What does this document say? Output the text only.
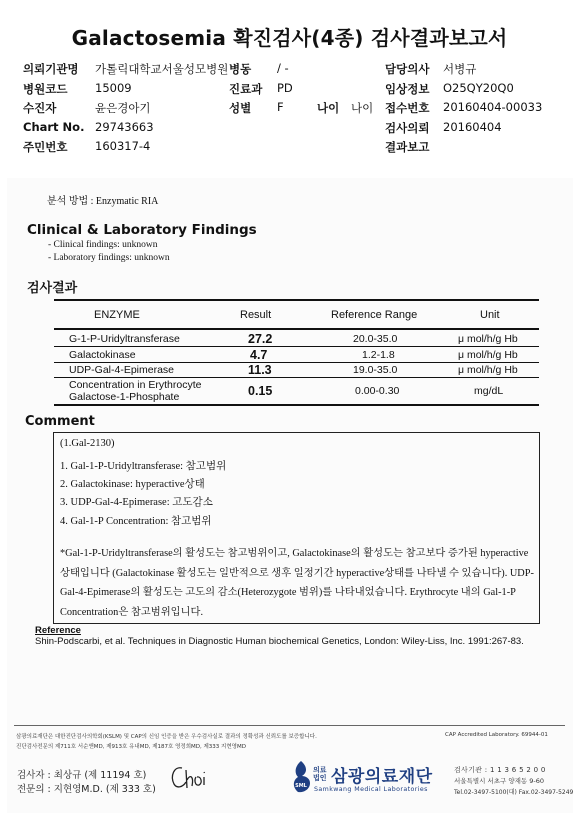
Galactosemia 확진검사(4종) 검사결과보고서
의뢰기관명 가톨릭대학교서울성모병원 병동 / -	담당의사 서병규
병원코드 15009	진료과 PD	임상정보 O25QY20Q0
수진자	윤은경아기	성별 F	나이 나이 접수번호 20160404-00033
Chart No. 29743663	검사의뢰 20160404
주민번호 160317-4	결과보고
분석 방법 : Enzymatic RIA
Clinical & Laboratory Findings
- Clinical findings: unknown
- Laboratory findings: unknown
검사결과
ENZYME	Result	Reference Range	Unit
G-1-P-Uridyltransferase	27.2	20.0-35.0	μ mol/h/g Hb
Galactokinase	4.7	1.2-1.8	μ mol/h/g Hb
UDP-Gal-4-Epimerase	11.3	19.0-35.0	μ mol/h/g Hb
Concentration in Erythrocyte
Galactose-1-Phosphate	0.15	0.00-0.30	mg/dL
Comment
(1.Gal-2130)
1. Gal-1-P-Uridyltransferase: 참고범위
2. Galactokinase: hyperactive상태
3. UDP-Gal-4-Epimerase: 고도감소
4. Gal-1-P Concentration: 참고범위
*Gal-1-P-Uridyltransferase의 활성도는 참고범위이고, Galactokinase의 활성도는 참고보다 증가된 hyperactive상태입니다 (Galactokinase 활성도는 일반적으로 생후 일정기간 hyperactive상태를 나타낼 수 있습니다). UDP-Gal-4-Epimerase의 활성도는 고도의 감소(Heterozygote 범위)를 나타내었습니다. Erythrocyte 내의 Gal-1-P Concentration은 참고범위입니다.
Reference
Shin-Podscarbi, et al. Techniques in Diagnostic Human biochemical Genetics, London: Wiley-Liss, Inc. 1991:267-83.
삼광의료재단은 대한진단검사의학회(KSLM) 및 CAP의 신임 인증을 받은 우수검사실로 결과의 정확성과 신뢰도를 보증합니다.	CAP Accredited Laboratory. 69944-01
진단검사전문의 제711호 서순앤MD, 제913호 유내MD, 제187호 영정희MD, 제333 지현영MD
검사자 : 최상규 (제 11194 호)
전문의 : 지현영M.D. (제 333 호)	SML
의료
법인 삼광의료재단
Samkwang Medical Laboratories
검사기관 : 1 1 3 6 5 2 0 0
서울특별시 서초구 양재동 9-60
Tel.02-3497-5100(대) Fax.02-3497-5249
